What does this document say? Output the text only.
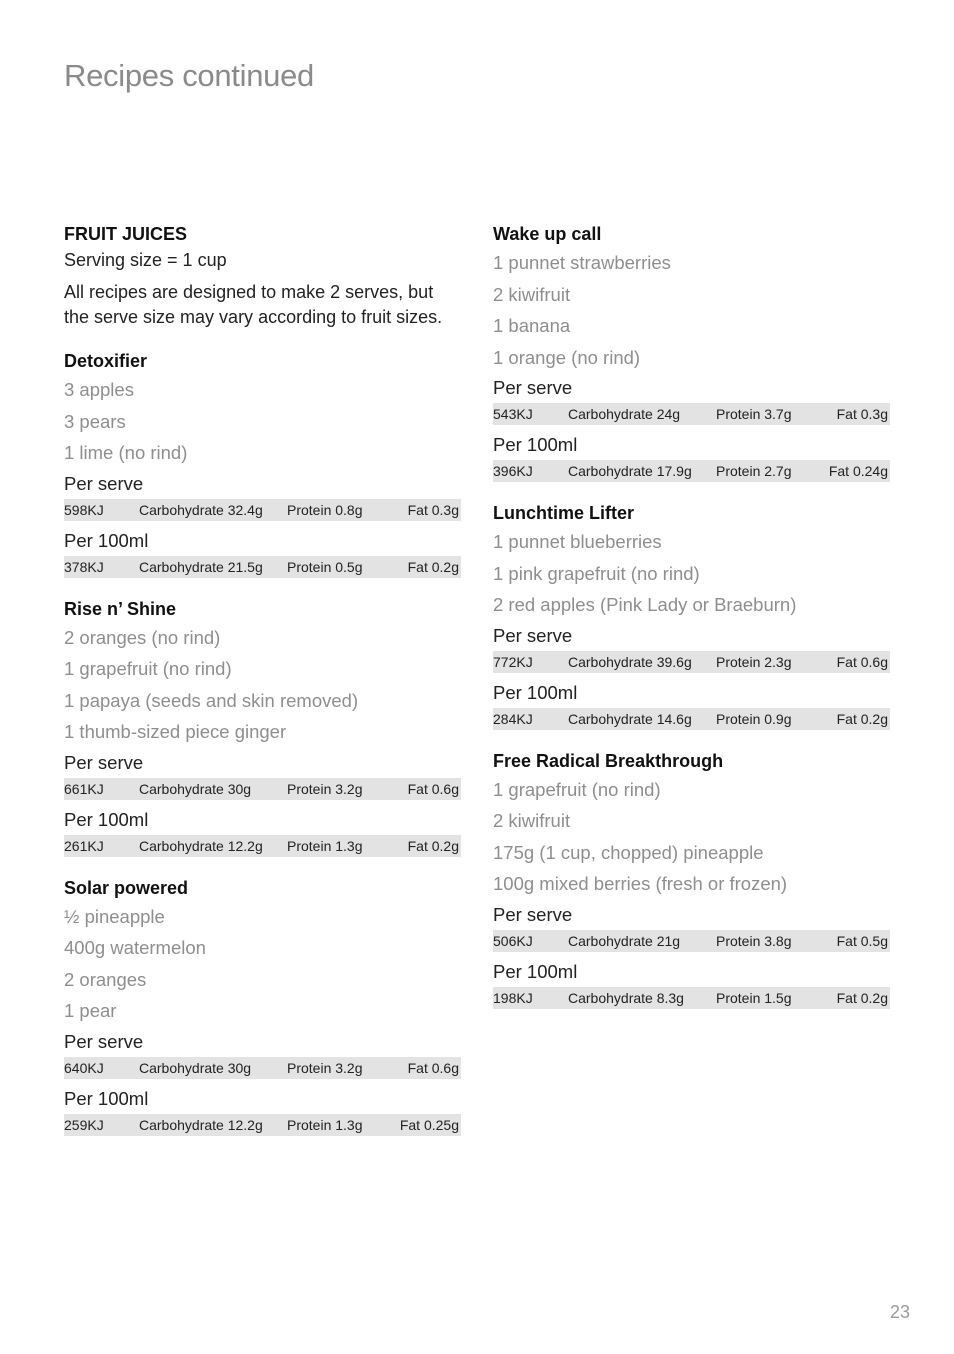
Recipes continued

FRUIT JUICES

Serving size = 1 cup

All recipes are designed to make 2 serves, but the serve size may vary according to fruit sizes.

Detoxifier

3 apples
3 pears
1 lime (no rind)

Per serve

598KJ	Carbohydrate 32.4g	Protein 0.8g	Fat 0.3g

Per 100ml

378KJ	Carbohydrate 21.5g	Protein 0.5g	Fat 0.2g

Rise n’ Shine

2 oranges (no rind)
1 grapefruit (no rind)
1 papaya (seeds and skin removed)
1 thumb-sized piece ginger

Per serve

661KJ	Carbohydrate 30g	Protein 3.2g	Fat 0.6g

Per 100ml

261KJ	Carbohydrate 12.2g	Protein 1.3g	Fat 0.2g

Solar powered

½ pineapple
400g watermelon
2 oranges
1 pear

Per serve

640KJ	Carbohydrate 30g	Protein 3.2g	Fat 0.6g

Per 100ml

259KJ	Carbohydrate 12.2g	Protein 1.3g	Fat 0.25g

Wake up call

1 punnet strawberries
2 kiwifruit
1 banana
1 orange (no rind)

Per serve

543KJ	Carbohydrate 24g	Protein 3.7g	Fat 0.3g

Per 100ml

396KJ	Carbohydrate 17.9g	Protein 2.7g	Fat 0.24g

Lunchtime Lifter

1 punnet blueberries
1 pink grapefruit (no rind)
2 red apples (Pink Lady or Braeburn)

Per serve

772KJ	Carbohydrate 39.6g	Protein 2.3g	Fat 0.6g

Per 100ml

284KJ	Carbohydrate 14.6g	Protein 0.9g	Fat 0.2g

Free Radical Breakthrough

1 grapefruit (no rind)
2 kiwifruit
175g (1 cup, chopped) pineapple
100g mixed berries (fresh or frozen)

Per serve

506KJ	Carbohydrate 21g	Protein 3.8g	Fat 0.5g

Per 100ml

198KJ	Carbohydrate 8.3g	Protein 1.5g	Fat 0.2g
23
